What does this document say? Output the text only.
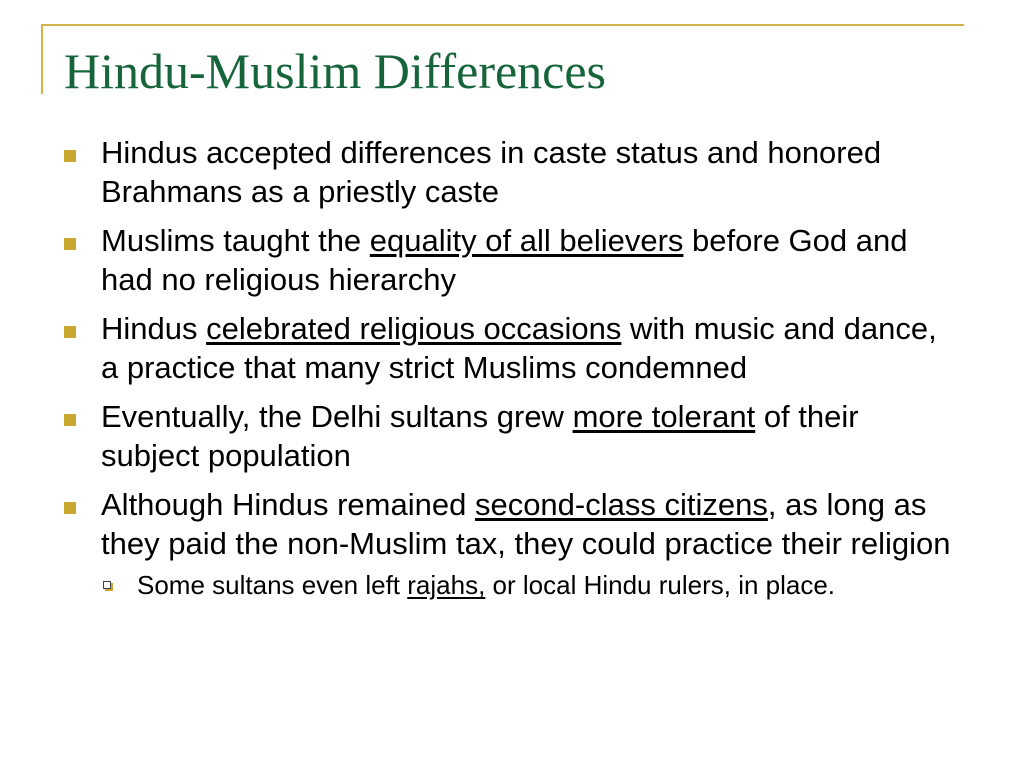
Hindu-Muslim Differences
Hindus accepted differences in caste status and honored Brahmans as a priestly caste
Muslims taught the equality of all believers before God and had no religious hierarchy
Hindus celebrated religious occasions with music and dance, a practice that many strict Muslims condemned
Eventually, the Delhi sultans grew more tolerant of their subject population
Although Hindus remained second-class citizens, as long as they paid the non-Muslim tax, they could practice their religion
Some sultans even left rajahs, or local Hindu rulers, in place.
